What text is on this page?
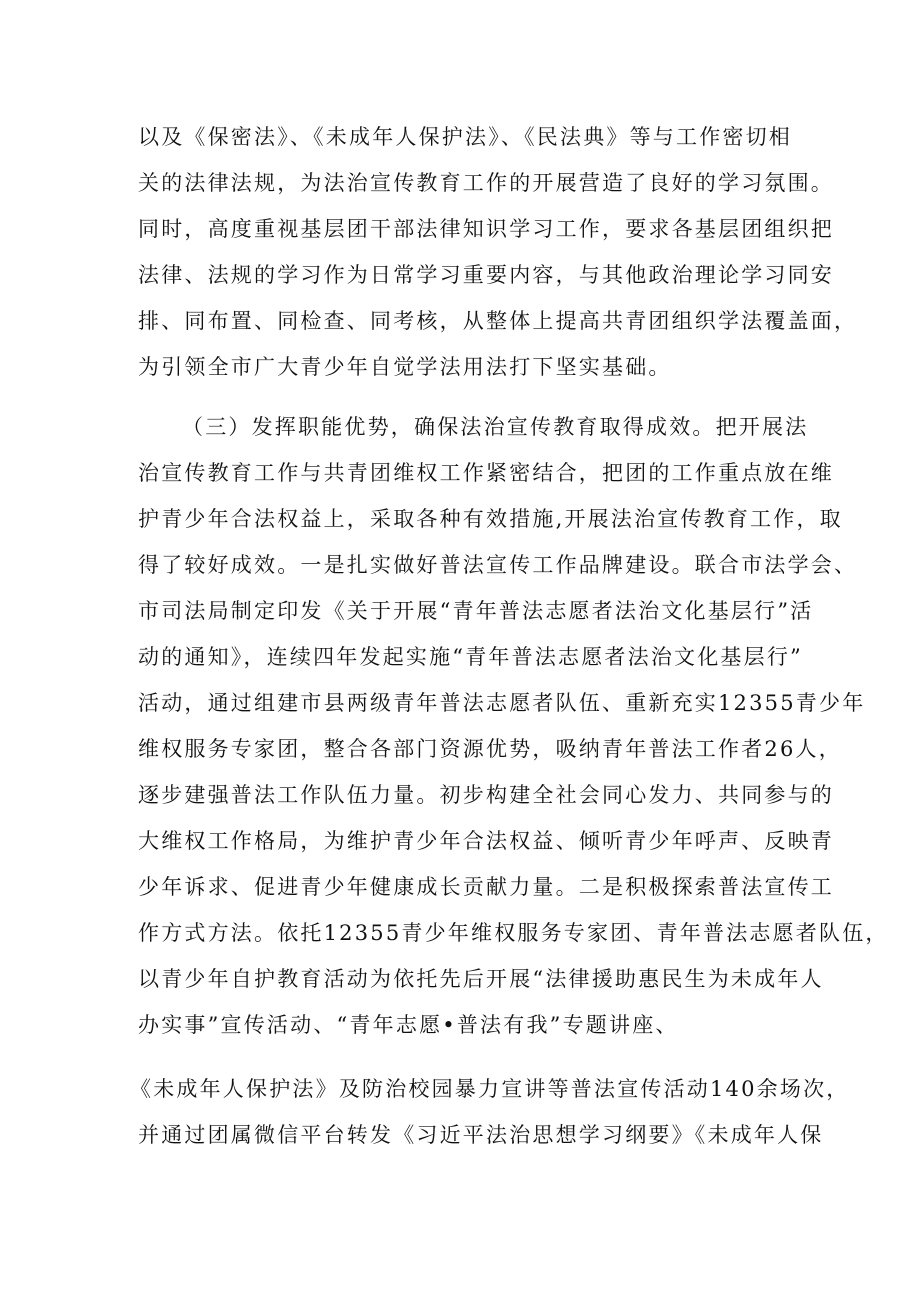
以及《保密法》、《未成年人保护法》、《民法典》等与工作密切相
关的法律法规，为法治宣传教育工作的开展营造了良好的学习氛围。
同时，高度重视基层团干部法律知识学习工作，要求各基层团组织把
法律、法规的学习作为日常学习重要内容，与其他政治理论学习同安
排、同布置、同检查、同考核，从整体上提高共青团组织学法覆盖面，
为引领全市广大青少年自觉学法用法打下坚实基础。
（三）发挥职能优势，确保法治宣传教育取得成效。把开展法
治宣传教育工作与共青团维权工作紧密结合，把团的工作重点放在维
护青少年合法权益上，采取各种有效措施,开展法治宣传教育工作，取
得了较好成效。一是扎实做好普法宣传工作品牌建设。联合市法学会、
市司法局制定印发《关于开展“青年普法志愿者法治文化基层行”活
动的通知》，连续四年发起实施“青年普法志愿者法治文化基层行”
活动，通过组建市县两级青年普法志愿者队伍、重新充实12355青少年
维权服务专家团，整合各部门资源优势，吸纳青年普法工作者26人，
逐步建强普法工作队伍力量。初步构建全社会同心发力、共同参与的
大维权工作格局，为维护青少年合法权益、倾听青少年呼声、反映青
少年诉求、促进青少年健康成长贡献力量。二是积极探索普法宣传工
作方式方法。依托12355青少年维权服务专家团、青年普法志愿者队伍，
以青少年自护教育活动为依托先后开展“法律援助惠民生为未成年人
办实事”宣传活动、“青年志愿•普法有我”专题讲座、
《未成年人保护法》及防治校园暴力宣讲等普法宣传活动140余场次，
并通过团属微信平台转发《习近平法治思想学习纲要》《未成年人保
